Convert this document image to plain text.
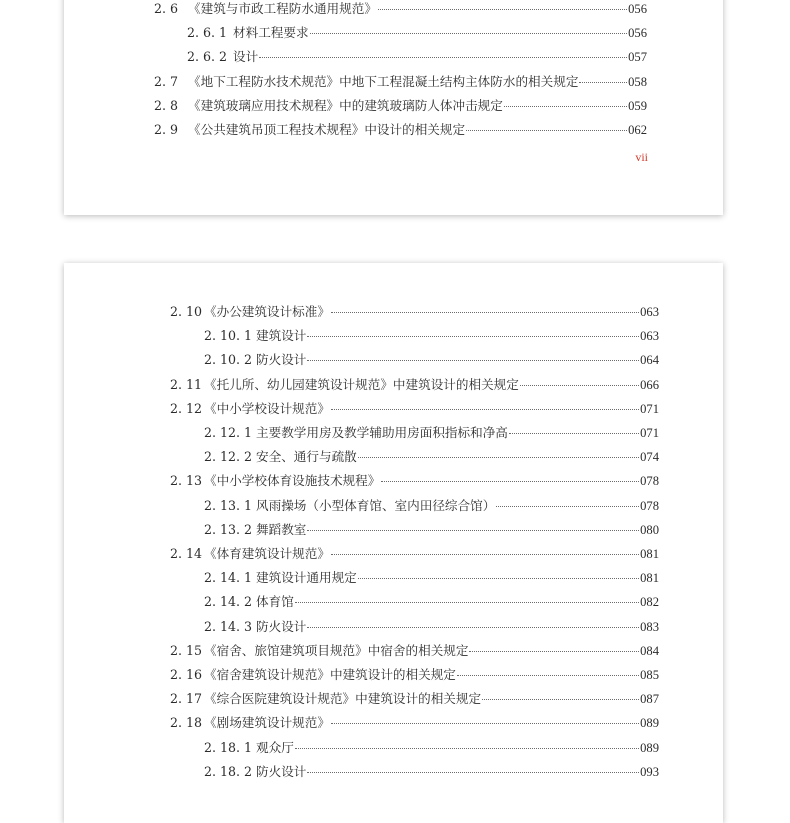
2. 6 《建筑与市政工程防水通用规范》	056
2. 6. 1 材料工程要求	056
2. 6. 2 设计	057
2. 7 《地下工程防水技术规范》中地下工程混凝土结构主体防水的相关规定	058
2. 8 《建筑玻璃应用技术规程》中的建筑玻璃防人体冲击规定	059
2. 9 《公共建筑吊顶工程技术规程》中设计的相关规定	062
vii
2. 10 《办公建筑设计标准》	063
2. 10. 1 建筑设计	063
2. 10. 2 防火设计	064
2. 11 《托儿所、幼儿园建筑设计规范》中建筑设计的相关规定	066
2. 12 《中小学校设计规范》	071
2. 12. 1 主要教学用房及教学辅助用房面积指标和净高	071
2. 12. 2 安全、通行与疏散	074
2. 13 《中小学校体育设施技术规程》	078
2. 13. 1 风雨操场（小型体育馆、室内田径综合馆）	078
2. 13. 2 舞蹈教室	080
2. 14 《体育建筑设计规范》	081
2. 14. 1 建筑设计通用规定	081
2. 14. 2 体育馆	082
2. 14. 3 防火设计	083
2. 15 《宿舍、旅馆建筑项目规范》中宿舍的相关规定	084
2. 16 《宿舍建筑设计规范》中建筑设计的相关规定	085
2. 17 《综合医院建筑设计规范》中建筑设计的相关规定	087
2. 18 《剧场建筑设计规范》	089
2. 18. 1 观众厅	089
2. 18. 2 防火设计	093
